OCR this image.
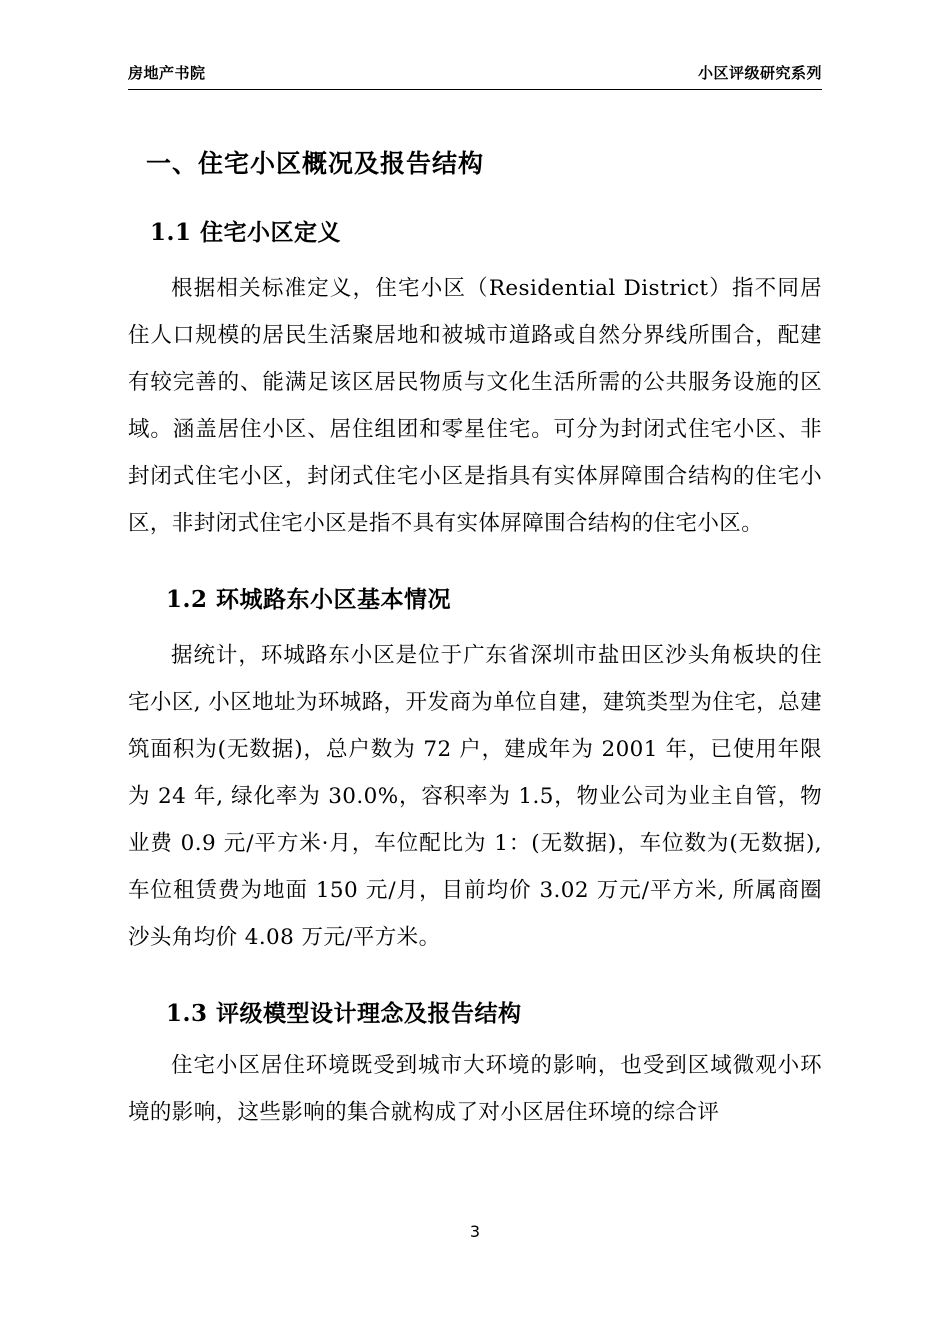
房地产书院	小区评级研究系列
一、住宅小区概况及报告结构
1.1 住宅小区定义

根据相关标准定义，住宅小区（Residential District）指不同居住人口规模的居民生活聚居地和被城市道路或自然分界线所围合，配建有较完善的、能满足该区居民物质与文化生活所需的公共服务设施的区域。涵盖居住小区、居住组团和零星住宅。可分为封闭式住宅小区、非封闭式住宅小区，封闭式住宅小区是指具有实体屏障围合结构的住宅小区，非封闭式住宅小区是指不具有实体屏障围合结构的住宅小区。

1.2 环城路东小区基本情况

据统计，环城路东小区是位于广东省深圳市盐田区沙头角板块的住宅小区, 小区地址为环城路，开发商为单位自建，建筑类型为住宅，总建筑面积为(无数据)，总户数为 72 户，建成年为 2001 年，已使用年限为 24 年, 绿化率为 30.0%，容积率为 1.5，物业公司为业主自管，物业费 0.9 元/平方米·月，车位配比为 1：(无数据)，车位数为(无数据), 车位租赁费为地面 150 元/月，目前均价 3.02 万元/平方米, 所属商圈沙头角均价 4.08 万元/平方米。

1.3 评级模型设计理念及报告结构

住宅小区居住环境既受到城市大环境的影响，也受到区域微观小环境的影响，这些影响的集合就构成了对小区居住环境的综合评

3
